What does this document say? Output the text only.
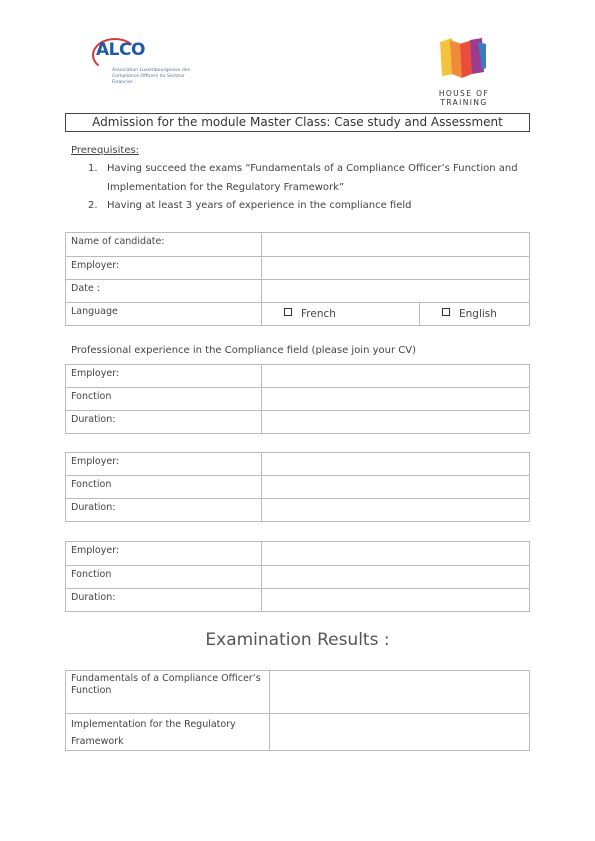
ALCO
Association Luxembourgeoise des Compliance Officers du Secteur Financier
HOUSE OF TRAINING
Admission for the module Master Class: Case study and Assessment
Prerequisites:
1. Having succeed the exams “Fundamentals of a Compliance Officer’s Function and
Implementation for the Regulatory Framework”
2. Having at least 3 years of experience in the compliance field
Name of candidate:		
Employer:		
Date :		
Language	French	English
Professional experience in the Compliance field (please join your CV)
Employer:	
Fonction	
Duration:	
Employer:	
Fonction	
Duration:	
Employer:	
Fonction	
Duration:	
Examination Results :
Fundamentals of a Compliance Officer’s Function	
Implementation for the Regulatory Framework	
